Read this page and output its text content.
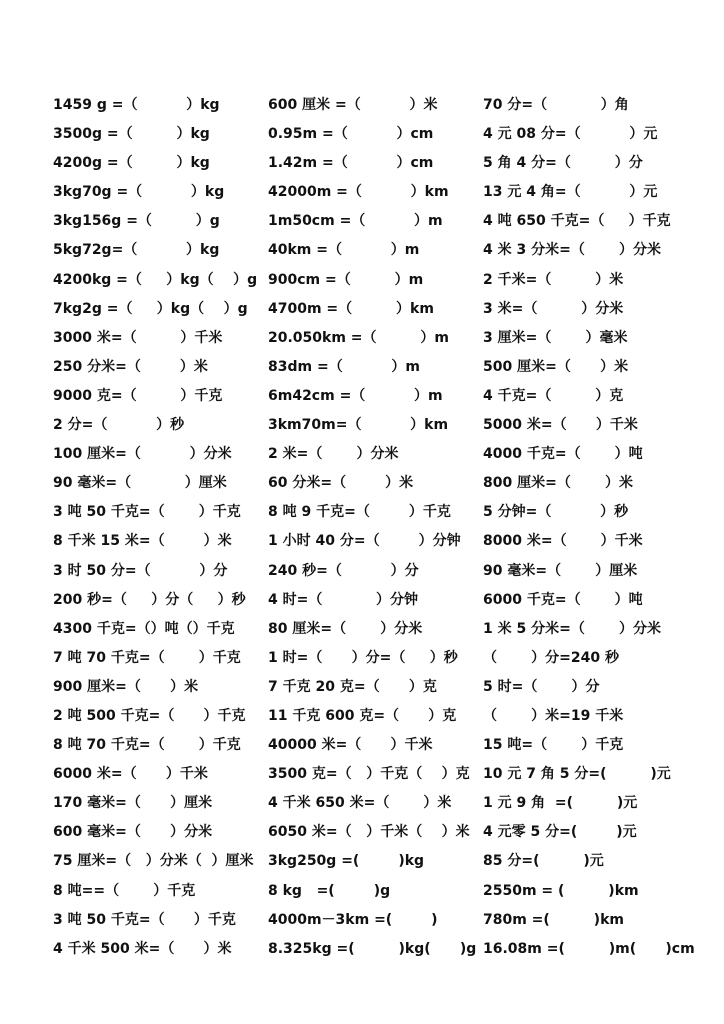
1459 g =（          ）kg
3500g =（         ）kg
4200g =（         ）kg
3kg70g =（          ）kg
3kg156g =（         ）g
5kg72g=（          ）kg
4200kg =（     ）kg（    ）g
7kg2g =（     ）kg（    ）g
3000 米=（         ）千米
250 分米=（        ）米
9000 克=（         ）千克
2 分=（          ）秒
100 厘米=（          ）分米
90 毫米=（           ）厘米
3 吨 50 千克=（       ）千克
8 千米 15 米=（        ）米
3 时 50 分=（          ）分
200 秒=（     ）分（     ）秒
4300 千克=（）吨（）千克
7 吨 70 千克=（       ）千克
900 厘米=（      ）米
2 吨 500 千克=（      ）千克
8 吨 70 千克=（       ）千克
6000 米=（      ）千米
170 毫米=（      ）厘米
600 毫米=（      ）分米
75 厘米=（   ）分米（  ）厘米
8 吨==（       ）千克
3 吨 50 千克=（      ）千克
4 千米 500 米=（      ）米
600 厘米 =（          ）米
0.95m =（          ）cm
1.42m =（          ）cm
42000m =（          ）km
1m50cm =（          ）m
40km =（          ）m
900cm =（         ）m
4700m =（         ）km
20.050km =（         ）m
83dm =（          ）m
6m42cm =（          ）m
3km70m=（          ）km
2 米=（       ）分米
60 分米=（        ）米
8 吨 9 千克=（        ）千克
1 小时 40 分=（        ）分钟
240 秒=（          ）分
4 时=（           ）分钟
80 厘米=（       ）分米
1 时=（      ）分=（     ）秒
7 千克 20 克=（      ）克
11 千克 600 克=（      ）克
40000 米=（      ）千米
3500 克=（   ）千克（    ）克
4 千米 650 米=（       ）米
6050 米=（   ）千米（    ）米
3kg250g =(        )kg
8 kg   =(        )g
4000m－3km =(        )
8.325kg =(         )kg(      )g
70 分=（           ）角
4 元 08 分=（          ）元
5 角 4 分=（         ）分
13 元 4 角=（          ）元
4 吨 650 千克=（     ）千克
4 米 3 分米=（       ）分米
2 千米=（         ）米
3 米=（         ）分米
3 厘米=（       ）毫米
500 厘米=（      ）米
4 千克=（         ）克
5000 米=（      ）千米
4000 千克=（       ）吨
800 厘米=（       ）米
5 分钟=（          ）秒
8000 米=（       ）千米
90 毫米=（       ）厘米
6000 千克=（       ）吨
1 米 5 分米=（       ）分米
（       ）分=240 秒
5 时=（       ）分
（       ）米=19 千米
15 吨=（       ）千克
10 元 7 角 5 分=(         )元
1 元 9 角  =(         )元
4 元零 5 分=(        )元
85 分=(         )元
2550m = (         )km
780m =(         )km
16.08m =(         )m(      )cm
